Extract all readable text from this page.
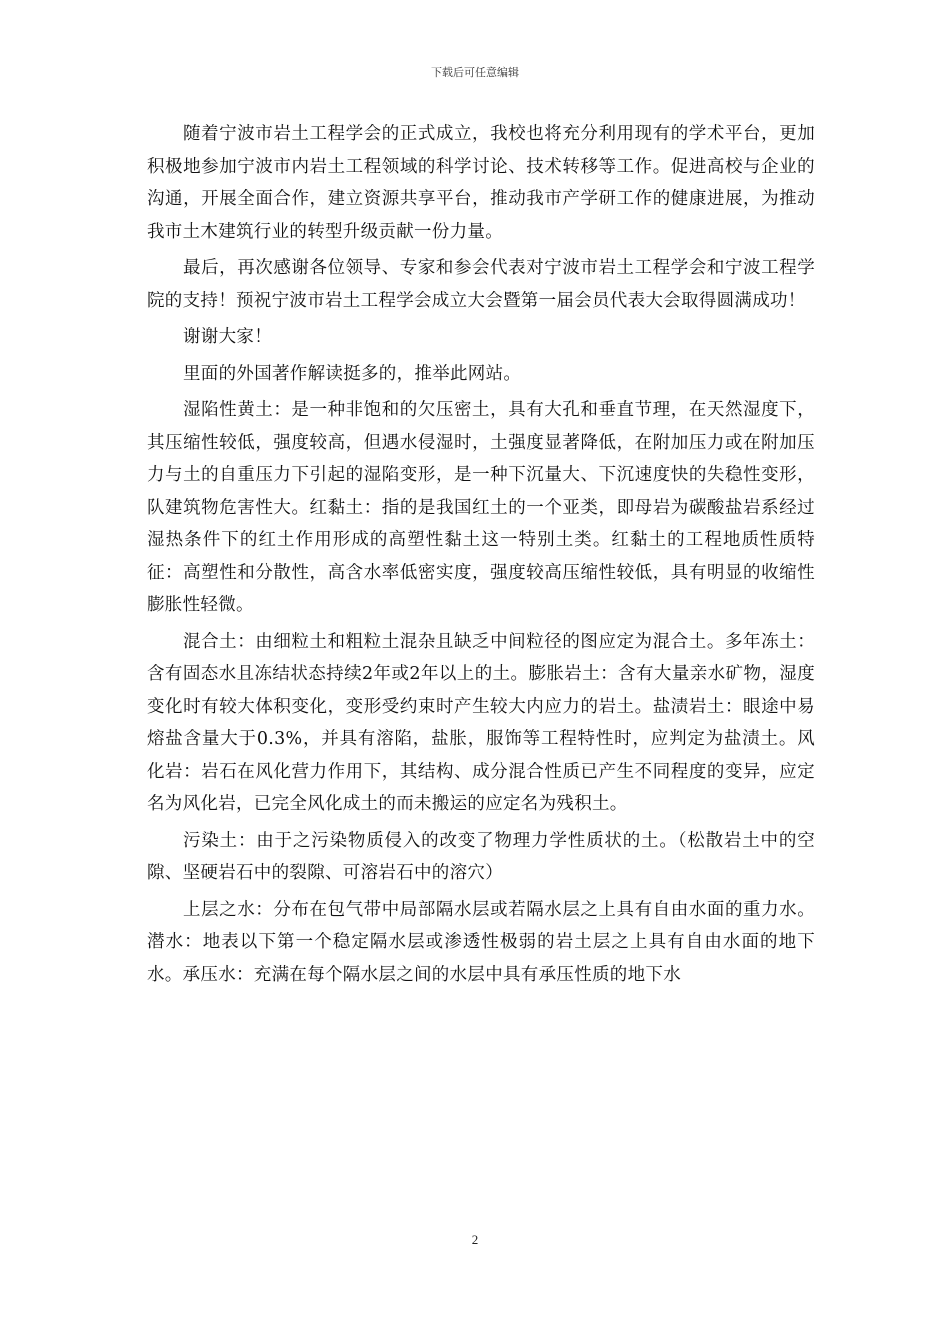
下载后可任意编辑

随着宁波市岩土工程学会的正式成立，我校也将充分利用现有的学术平台，更加积极地参加宁波市内岩土工程领域的科学讨论、技术转移等工作。促进高校与企业的沟通，开展全面合作，建立资源共享平台，推动我市产学研工作的健康进展，为推动我市土木建筑行业的转型升级贡献一份力量。

最后，再次感谢各位领导、专家和参会代表对宁波市岩土工程学会和宁波工程学院的支持！预祝宁波市岩土工程学会成立大会暨第一届会员代表大会取得圆满成功！

谢谢大家！

里面的外国著作解读挺多的，推举此网站。

湿陷性黄土：是一种非饱和的欠压密土，具有大孔和垂直节理，在天然湿度下，其压缩性较低，强度较高，但遇水侵湿时，土强度显著降低，在附加压力或在附加压力与土的自重压力下引起的湿陷变形，是一种下沉量大、下沉速度快的失稳性变形，队建筑物危害性大。红黏土：指的是我国红土的一个亚类，即母岩为碳酸盐岩系经过湿热条件下的红土作用形成的高塑性黏土这一特别土类。红黏土的工程地质性质特征：高塑性和分散性，高含水率低密实度，强度较高压缩性较低，具有明显的收缩性膨胀性轻微。

混合土：由细粒土和粗粒土混杂且缺乏中间粒径的图应定为混合土。多年冻土：含有固态水且冻结状态持续2年或2年以上的土。膨胀岩土：含有大量亲水矿物，湿度变化时有较大体积变化，变形受约束时产生较大内应力的岩土。盐渍岩土：眼途中易熔盐含量大于0.3%，并具有溶陷，盐胀，服饰等工程特性时，应判定为盐渍土。风化岩：岩石在风化营力作用下，其结构、成分混合性质已产生不同程度的变异，应定名为风化岩，已完全风化成土的而未搬运的应定名为残积土。

污染土：由于之污染物质侵入的改变了物理力学性质状的土。（松散岩土中的空隙、坚硬岩石中的裂隙、可溶岩石中的溶穴）

上层之水：分布在包气带中局部隔水层或若隔水层之上具有自由水面的重力水。潜水：地表以下第一个稳定隔水层或渗透性极弱的岩土层之上具有自由水面的地下水。承压水：充满在每个隔水层之间的水层中具有承压性质的地下水

2
